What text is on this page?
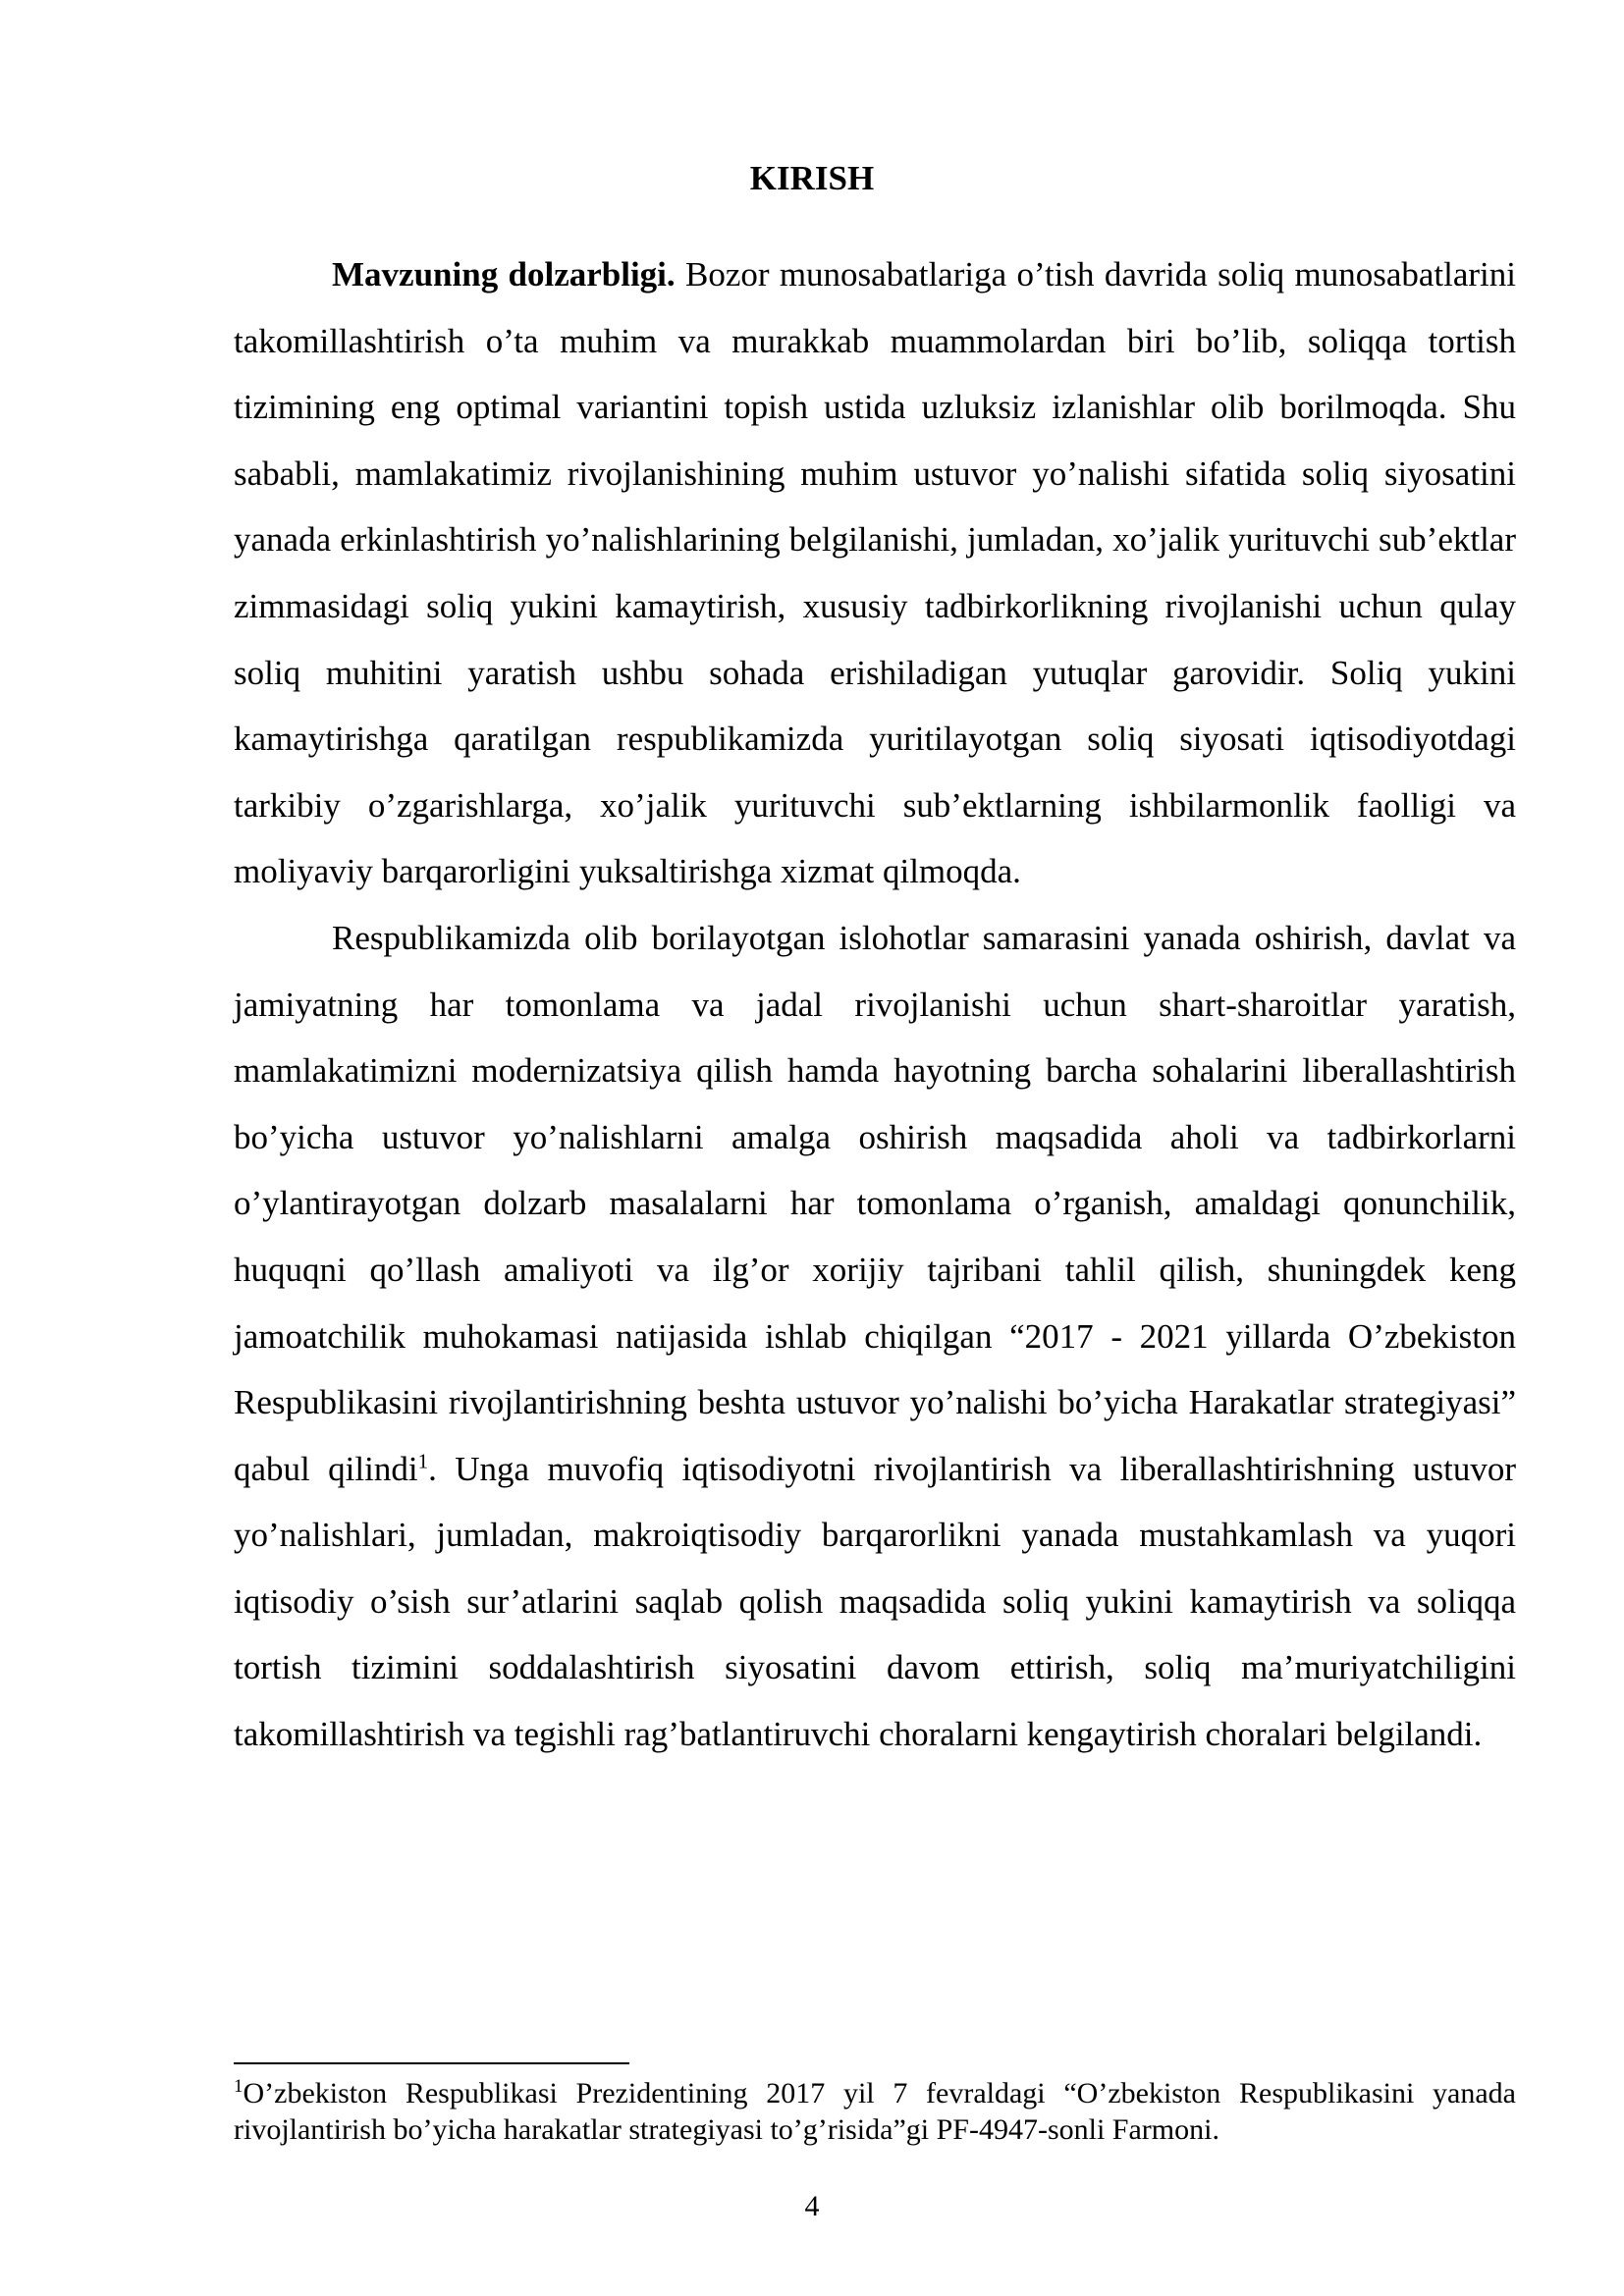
KIRISH

Mavzuning dolzarbligi. Bozor munosabatlariga o’tish davrida soliq munosabatlarini takomillashtirish o’ta muhim va murakkab muammolardan biri bo’lib, soliqqa tortish tizimining eng optimal variantini topish ustida uzluksiz izlanishlar olib borilmoqda. Shu sababli, mamlakatimiz rivojlanishining muhim ustuvor yo’nalishi sifatida soliq siyosatini yanada erkinlashtirish yo’nalishlarining belgilanishi, jumladan, xo’jalik yurituvchi sub’ektlar zimmasidagi soliq yukini kamaytirish, xususiy tadbirkorlikning rivojlanishi uchun qulay soliq muhitini yaratish ushbu sohada erishiladigan yutuqlar garovidir. Soliq yukini kamaytirishga qaratilgan respublikamizda yuritilayotgan soliq siyosati iqtisodiyotdagi tarkibiy o’zgarishlarga, xo’jalik yurituvchi sub’ektlarning ishbilarmonlik faolligi va moliyaviy barqarorligini yuksaltirishga xizmat qilmoqda.

Respublikamizda olib borilayotgan islohotlar samarasini yanada oshirish, davlat va jamiyatning har tomonlama va jadal rivojlanishi uchun shart-sharoitlar yaratish, mamlakatimizni modernizatsiya qilish hamda hayotning barcha sohalarini liberallashtirish bo’yicha ustuvor yo’nalishlarni amalga oshirish maqsadida aholi va tadbirkorlarni o’ylantirayotgan dolzarb masalalarni har tomonlama o’rganish, amaldagi qonunchilik, huquqni qo’llash amaliyoti va ilg’or xorijiy tajribani tahlil qilish, shuningdek keng jamoatchilik muhokamasi natijasida ishlab chiqilgan “2017 - 2021 yillarda O’zbekiston Respublikasini rivojlantirishning beshta ustuvor yo’nalishi bo’yicha Harakatlar strategiyasi” qabul qilindi$^1$. Unga muvofiq iqtisodiyotni rivojlantirish va liberallashtirishning ustuvor yo’nalishlari, jumladan, makroiqtisodiy barqarorlikni yanada mustahkamlash va yuqori iqtisodiy o’sish sur’atlarini saqlab qolish maqsadida soliq yukini kamaytirish va soliqqa tortish tizimini soddalashtirish siyosatini davom ettirish, soliq ma’muriyatchiligini takomillashtirish va tegishli rag’batlantiruvchi choralarni kengaytirish choralari belgilandi.

$^1$O’zbekiston Respublikasi Prezidentining 2017 yil 7 fevraldagi “O’zbekiston Respublikasini yanada rivojlantirish bo’yicha harakatlar strategiyasi to’g’risida”gi PF-4947-sonli Farmoni.

4
